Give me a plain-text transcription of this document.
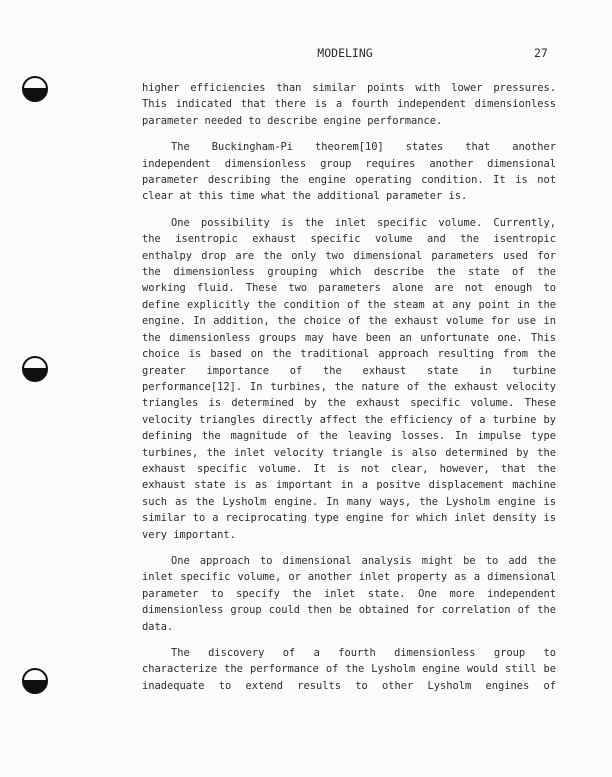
MODELING	27
higher efficiencies than similar points with lower pressures.
This indicated that there is a fourth independent dimensionless
parameter needed to describe engine performance.
The Buckingham-Pi theorem[10] states that another
independent dimensionless group requires another dimensional
parameter describing the engine operating condition. It is not
clear at this time what the additional parameter is.
One possibility is the inlet specific volume. Currently,
the isentropic exhaust specific volume and the isentropic
enthalpy drop are the only two dimensional parameters used for
the dimensionless grouping which describe the state of the
working fluid. These two parameters alone are not enough to
define explicitly the condition of the steam at any point in the
engine. In addition, the choice of the exhaust volume for use in
the dimensionless groups may have been an unfortunate one. This
choice is based on the traditional approach resulting from the
greater importance of the exhaust state in turbine
performance[12]. In turbines, the nature of the exhaust velocity
triangles is determined by the exhaust specific volume. These
velocity triangles directly affect the efficiency of a turbine by
defining the magnitude of the leaving losses. In impulse type
turbines, the inlet velocity triangle is also determined by the
exhaust specific volume. It is not clear, however, that the
exhaust state is as important in a positve displacement machine
such as the Lysholm engine. In many ways, the Lysholm engine is
similar to a reciprocating type engine for which inlet density is
very important.
One approach to dimensional analysis might be to add the
inlet specific volume, or another inlet property as a dimensional
parameter to specify the inlet state. One more independent
dimensionless group could then be obtained for correlation of the
data.
The discovery of a fourth dimensionless group to
characterize the performance of the Lysholm engine would still be
inadequate to extend results to other Lysholm engines of
